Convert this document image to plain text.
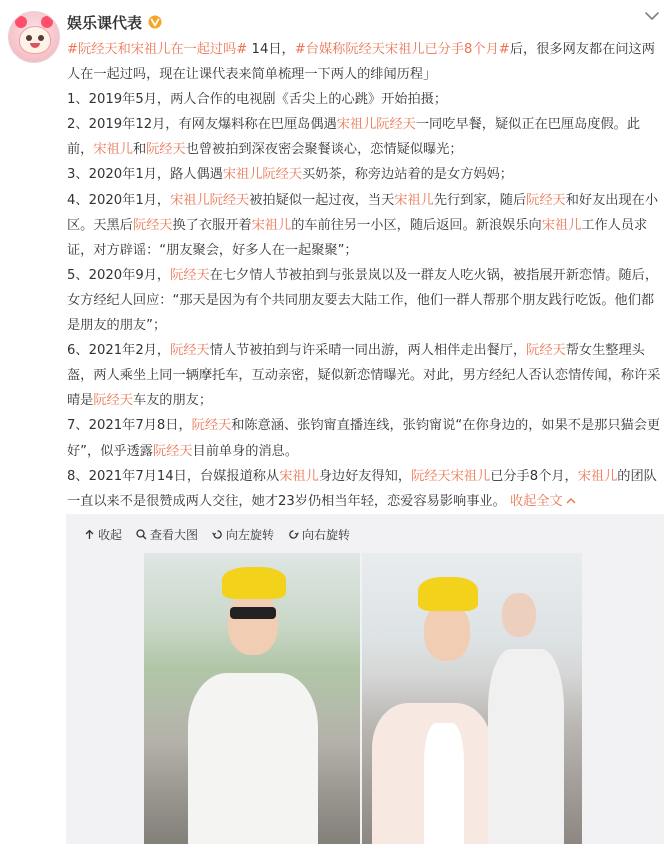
娱乐课代表

#阮经天和宋祖儿在一起过吗# 14日，#台媒称阮经天宋祖儿已分手8个月#后，很多网友都在问这两人在一起过吗，现在让课代表来简单梳理一下两人的绯闻历程」

1、2019年5月，两人合作的电视剧《舌尖上的心跳》开始拍摄；

2、2019年12月，有网友爆料称在巴厘岛偶遇宋祖儿阮经天一同吃早餐，疑似正在巴厘岛度假。此前，宋祖儿和阮经天也曾被拍到深夜密会聚餐谈心，恋情疑似曝光；

3、2020年1月，路人偶遇宋祖儿阮经天买奶茶，称旁边站着的是女方妈妈；

4、2020年1月，宋祖儿阮经天被拍疑似一起过夜，当天宋祖儿先行到家，随后阮经天和好友出现在小区。天黑后阮经天换了衣服开着宋祖儿的车前往另一小区，随后返回。新浪娱乐向宋祖儿工作人员求证，对方辟谣：“朋友聚会，好多人在一起聚聚”；

5、2020年9月，阮经天在七夕情人节被拍到与张景岚以及一群友人吃火锅，被指展开新恋情。随后，女方经纪人回应：“那天是因为有个共同朋友要去大陆工作，他们一群人帮那个朋友践行吃饭。他们都是朋友的朋友”；

6、2021年2月，阮经天情人节被拍到与许采晴一同出游，两人相伴走出餐厅，阮经天帮女生整理头盔，两人乘坐上同一辆摩托车，互动亲密，疑似新恋情曝光。对此，男方经纪人否认恋情传闻，称许采晴是阮经天车友的朋友；

7、2021年7月8日，阮经天和陈意涵、张钧甯直播连线，张钧甯说“在你身边的，如果不是那只猫会更好”，似乎透露阮经天目前单身的消息。

8、2021年7月14日，台媒报道称从宋祖儿身边好友得知，阮经天宋祖儿已分手8个月，宋祖儿的团队一直以来不是很赞成两人交往，她才23岁仍相当年轻，恋爱容易影响事业。 收起全文

收起 查看大图 向左旋转 向右旋转
